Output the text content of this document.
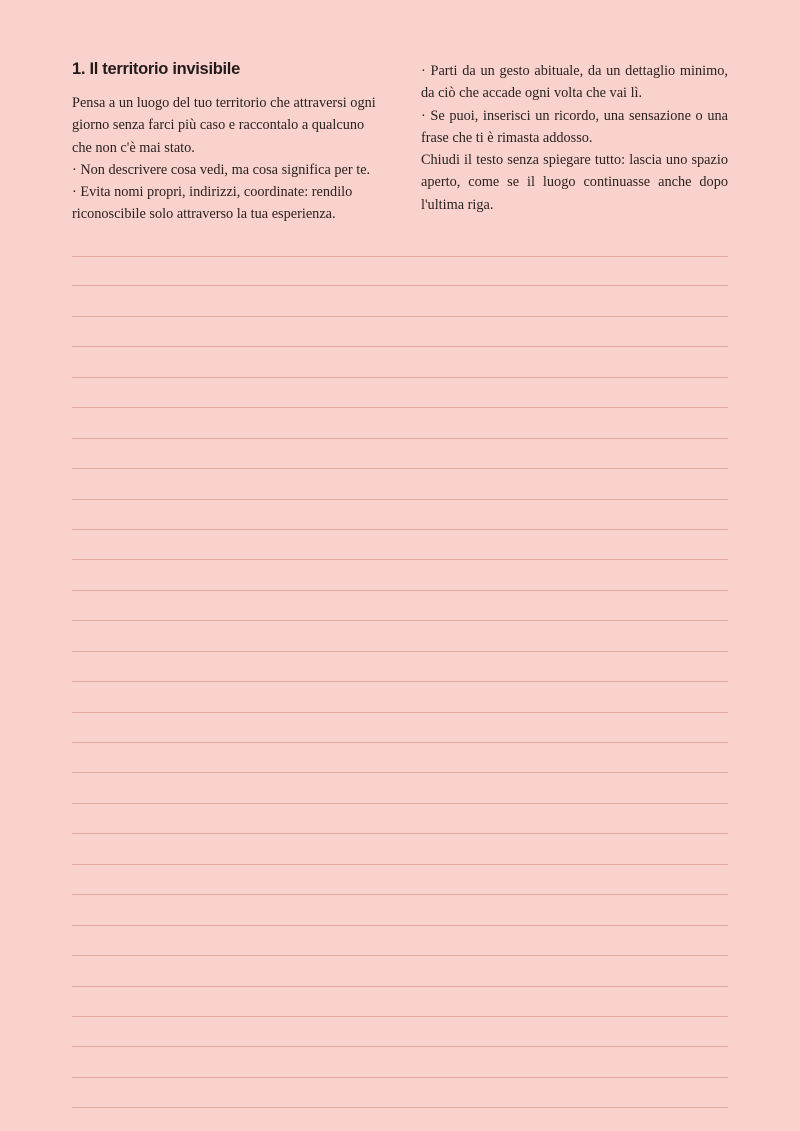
1. Il territorio invisibile

Pensa a un luogo del tuo territorio che attraversi ogni giorno senza farci più caso e raccontalo a qualcuno che non c'è mai stato.

· Non descrivere cosa vedi, ma cosa significa per te.

· Evita nomi propri, indirizzi, coordinate: rendilo riconoscibile solo attraverso la tua esperienza.

· Parti da un gesto abituale, da un dettaglio minimo, da ciò che accade ogni volta che vai lì.

· Se puoi, inserisci un ricordo, una sensazione o una frase che ti è rimasta addosso.

Chiudi il testo senza spiegare tutto: lascia uno spazio aperto, come se il luogo continuasse anche dopo l'ultima riga.
